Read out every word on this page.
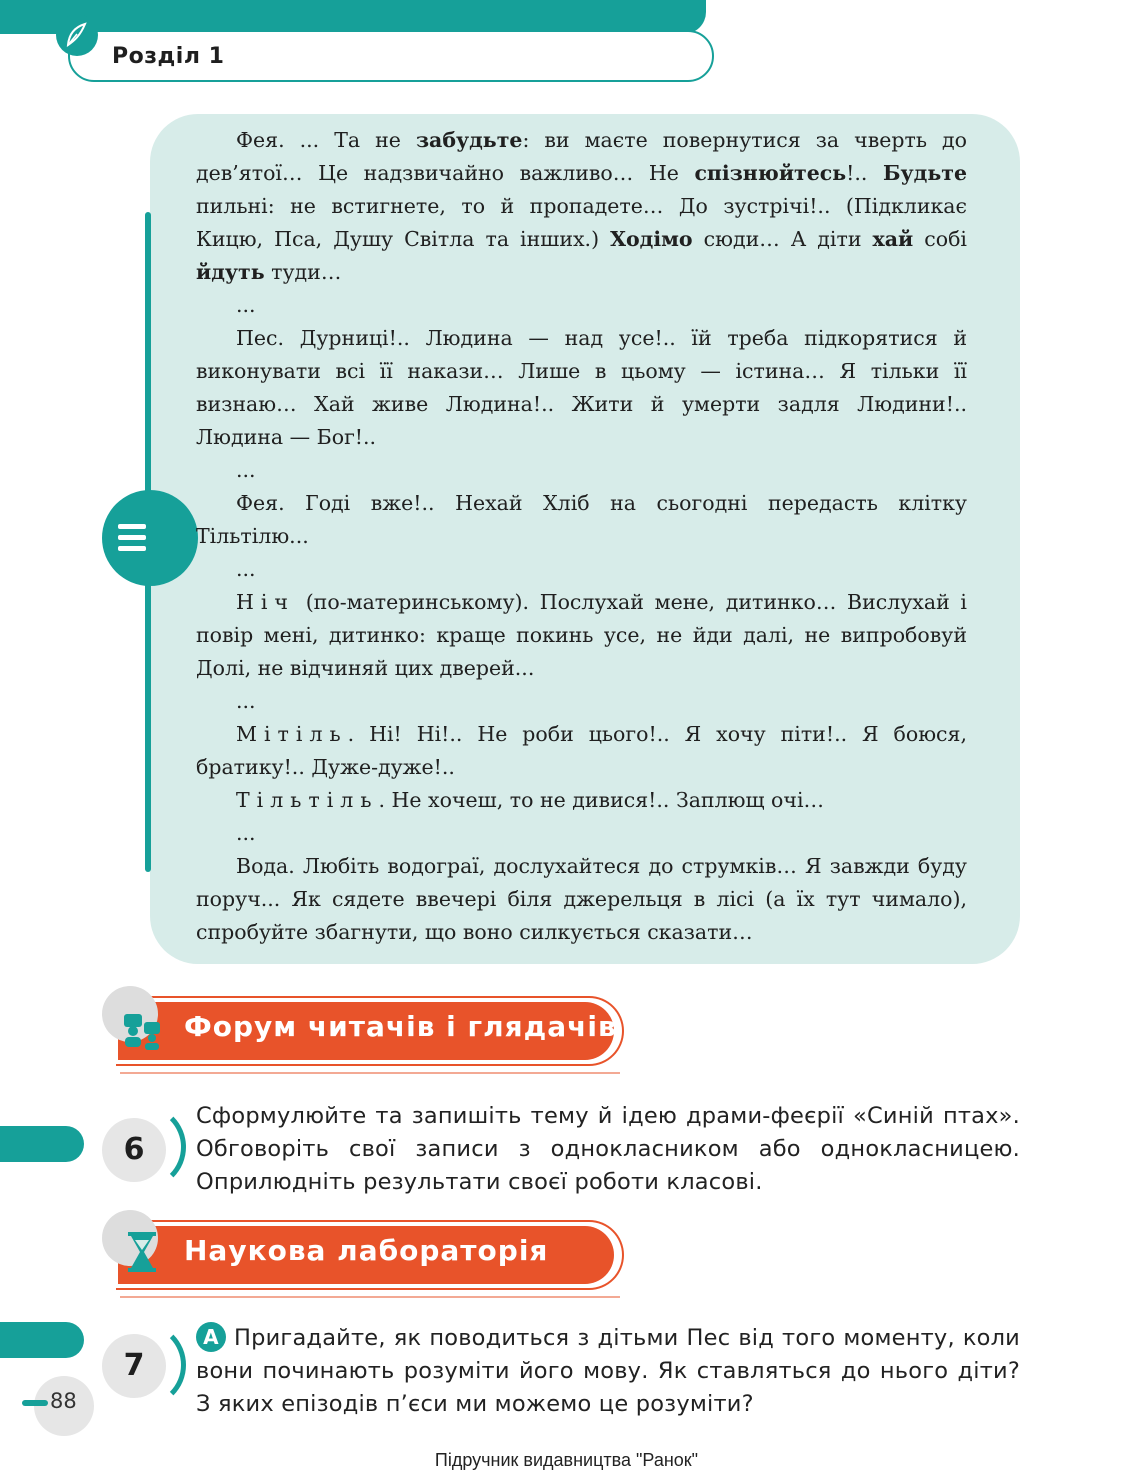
Розділ 1

Фея. ... Та не забудьте: ви маєте повернутися за чверть до дев’ятої… Це надзвичайно важливо… Не спізнюйтесь!.. Будьте пильні: не встигнете, то й пропадете… До зустрічі!.. (Підкликає Кицю, Пса, Душу Світла та інших.) Ходімо сюди… А діти хай собі йдуть туди…

...

Пес. Дурниці!.. Людина — над усе!.. їй треба підкорятися й виконувати всі її накази… Лише в цьому — істина… Я тільки її визнаю… Хай живе Людина!.. Жити й умерти задля Людини!.. Людина — Бог!..

...

Фея. Годі вже!.. Нехай Хліб на сьогодні передасть клітку Тільтілю...

...

Ніч (по-материнському). Послухай мене, дитинко… Вислухай і повір мені, дитинко: краще покинь усе, не йди далі, не випробовуй Долі, не відчиняй цих дверей...

...

Мітіль. Ні! Ні!.. Не роби цього!.. Я хочу піти!.. Я боюся, братику!.. Дуже-дуже!..

Тільтіль. Не хочеш, то не дивися!.. Заплющ очі…

...

Вода. Любіть водограї, дослухайтеся до струмків… Я завжди буду поруч... Як сядете ввечері біля джерельця в лісі (а їх тут чимало), спробуйте збагнути, що воно силкується сказати…

Форум читачів і глядачів
6
Сформулюйте та запишіть тему й ідею драми-феєрії «Синій птах». Обговоріть свої записи з однокласником або однокласницею. Оприлюдніть результати своєї роботи класові.
Наукова лабораторія
7
А Пригадайте, як поводиться з дітьми Пес від того моменту, коли вони починають розуміти його мову. Як ставляться до нього діти? З яких епізодів п’єси ми можемо це розуміти?
88
Підручник видавництва "Ранок"
